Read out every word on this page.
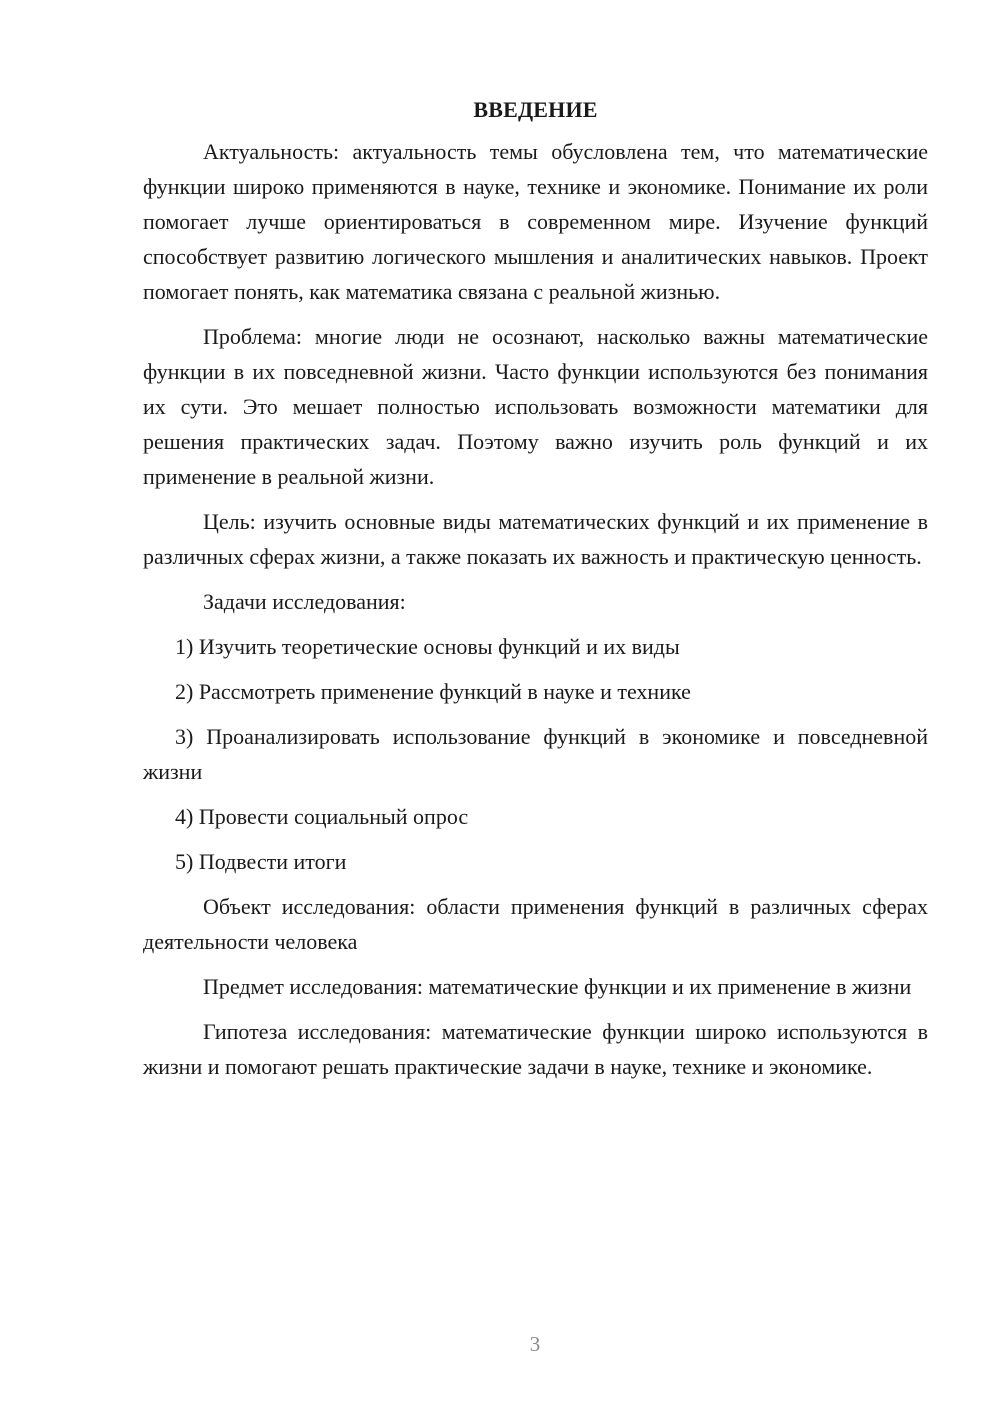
ВВЕДЕНИЕ

Актуальность: актуальность темы обусловлена тем, что математические функции широко применяются в науке, технике и экономике. Понимание их роли помогает лучше ориентироваться в современном мире. Изучение функций способствует развитию логического мышления и аналитических навыков. Проект помогает понять, как математика связана с реальной жизнью.

Проблема: многие люди не осознают, насколько важны математические функции в их повседневной жизни. Часто функции используются без понимания их сути. Это мешает полностью использовать возможности математики для решения практических задач. Поэтому важно изучить роль функций и их применение в реальной жизни.

Цель: изучить основные виды математических функций и их применение в различных сферах жизни, а также показать их важность и практическую ценность.

Задачи исследования:

1) Изучить теоретические основы функций и их виды

2) Рассмотреть применение функций в науке и технике

3) Проанализировать использование функций в экономике и повседневной жизни

4) Провести социальный опрос

5) Подвести итоги

Объект исследования: области применения функций в различных сферах деятельности человека

Предмет исследования: математические функции и их применение в жизни

Гипотеза исследования: математические функции широко используются в жизни и помогают решать практические задачи в науке, технике и экономике.

3
